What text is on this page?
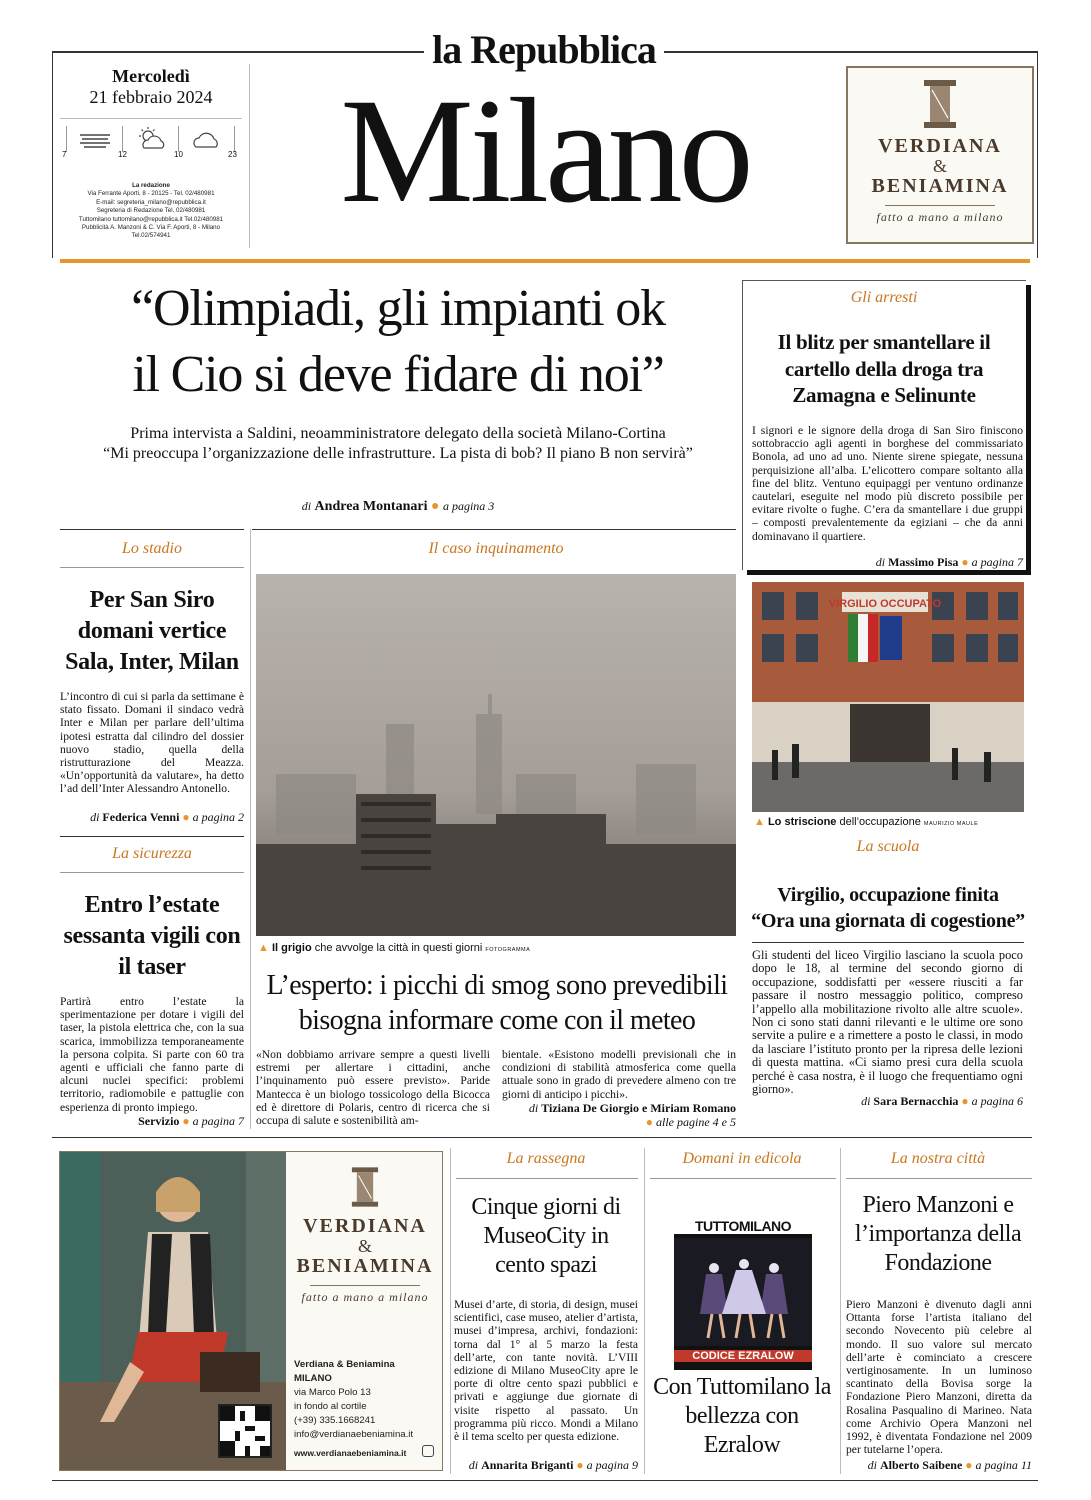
la Repubblica
Mercoledì
21 febbraio 2024
7	12	10	23
La redazione
Via Ferrante Aporti, 8 - 20125 - Tel. 02/480981
E-mail: segreteria_milano@repubblica.it
Segreteria di Redazione Tel. 02/480981
Tuttomilano tuttomilano@repubblica.it Tel.02/480981
Pubblicità A. Manzoni & C. Via F. Aporti, 8 - Milano
Tel.02/574941
Milano	VERDIANA
&
BENIAMINA
fatto a mano a milano
“Olimpiadi, gli impianti ok
il Cio si deve fidare di noi”
Prima intervista a Saldini, neoamministratore delegato della società Milano-Cortina
“Mi preoccupa l’organizzazione delle infrastrutture. La pista di bob? Il piano B non servirà”
di Andrea Montanari ● a pagina 3
Gli arresti
Il blitz per smantellare il cartello della droga tra Zamagna e Selinunte
I signori e le signore della droga di San Siro finiscono sottobraccio agli agenti in borghese del commissariato Bonola, ad uno ad uno. Niente sirene spiegate, nessuna perquisizione all’alba. L’elicottero compare soltanto alla fine del blitz. Ventuno equipaggi per ventuno ordinanze cautelari, eseguite nel modo più discreto possibile per evitare rivolte o fughe. C’era da smantellare i due gruppi – composti prevalentemente da egiziani – che da anni dominavano il quartiere.
di Massimo Pisa ● a pagina 7
VIRGILIO OCCUPATO
▲ Lo striscione dell’occupazione MAURIZIO MAULE
La scuola
Virgilio, occupazione finita
“Ora una giornata di cogestione”
Gli studenti del liceo Virgilio lasciano la scuola poco dopo le 18, al termine del secondo giorno di occupazione, soddisfatti per «essere riusciti a far passare il nostro messaggio politico, compreso l’appello alla mobilitazione rivolto alle altre scuole». Non ci sono stati danni rilevanti e le ultime ore sono servite a pulire e a rimettere a posto le classi, in modo da lasciare l’istituto pronto per la ripresa delle lezioni di questa mattina. «Ci siamo presi cura della scuola perché è casa nostra, è il luogo che frequentiamo ogni giorno».
di Sara Bernacchia ● a pagina 6
Lo stadio
Per San Siro domani vertice Sala, Inter, Milan
L’incontro di cui si parla da settimane è stato fissato. Domani il sindaco vedrà Inter e Milan per parlare dell’ultima ipotesi estratta dal cilindro del dossier nuovo stadio, quella della ristrutturazione del Meazza. «Un’opportunità da valutare», ha detto l’ad dell’Inter Alessandro Antonello.
di Federica Venni ● a pagina 2
La sicurezza
Entro l’estate sessanta vigili con il taser
Partirà entro l’estate la sperimentazione per dotare i vigili del taser, la pistola elettrica che, con la sua scarica, immobilizza temporaneamente la persona colpita. Si parte con 60 tra agenti e ufficiali che fanno parte di alcuni nuclei specifici: problemi territorio, radiomobile e pattuglie con esperienza di pronto impiego.
Servizio ● a pagina 7
Il caso inquinamento
▲ Il grigio che avvolge la città in questi giorni FOTOGRAMMA
L’esperto: i picchi di smog sono prevedibili
bisogna informare come con il meteo
«Non dobbiamo arrivare sempre a questi livelli estremi per allertare i cittadini, anche l’inquinamento può essere previsto». Paride Mantecca è un biologo tossicologo della Bicocca ed è direttore di Polaris, centro di ricerca che si occupa di salute e sostenibilità am-
bientale. «Esistono modelli previsionali che in condizioni di stabilità atmosferica come quella attuale sono in grado di prevedere almeno con tre giorni di anticipo i picchi».
di Tiziana De Giorgio e Miriam Romano
● alle pagine 4 e 5
VERDIANA
&
BENIAMINA
fatto a mano a milano
Verdiana & Beniamina
MILANO
via Marco Polo 13
in fondo al cortile
(+39) 335.1668241
info@verdianaebeniamina.it
www.verdianaebeniamina.it
La rassegna
Cinque giorni di MuseoCity in cento spazi
Musei d’arte, di storia, di design, musei scientifici, case museo, atelier d’artista, musei d’impresa, archivi, fondazioni: torna dal 1° al 5 marzo la festa dell’arte, con tante novità. L’VIII edizione di Milano MuseoCity apre le porte di oltre cento spazi pubblici e privati e aggiunge due giornate di visite rispetto al passato. Un programma più ricco. Mondi a Milano è il tema scelto per questa edizione.
di Annarita Briganti ● a pagina 9
Domani in edicola
TUTTOMILANO
CODICE EZRALOW
Con Tuttomilano la bellezza con Ezralow
La nostra città
Piero Manzoni e l’importanza della Fondazione
Piero Manzoni è divenuto dagli anni Ottanta forse l’artista italiano del secondo Novecento più celebre al mondo. Il suo valore sul mercato dell’arte è cominciato a crescere vertiginosamente. In un luminoso scantinato della Bovisa sorge la Fondazione Piero Manzoni, diretta da Rosalina Pasqualino di Marineo. Nata come Archivio Opera Manzoni nel 1992, è diventata Fondazione nel 2009 per tutelarne l’opera.
di Alberto Saibene ● a pagina 11
